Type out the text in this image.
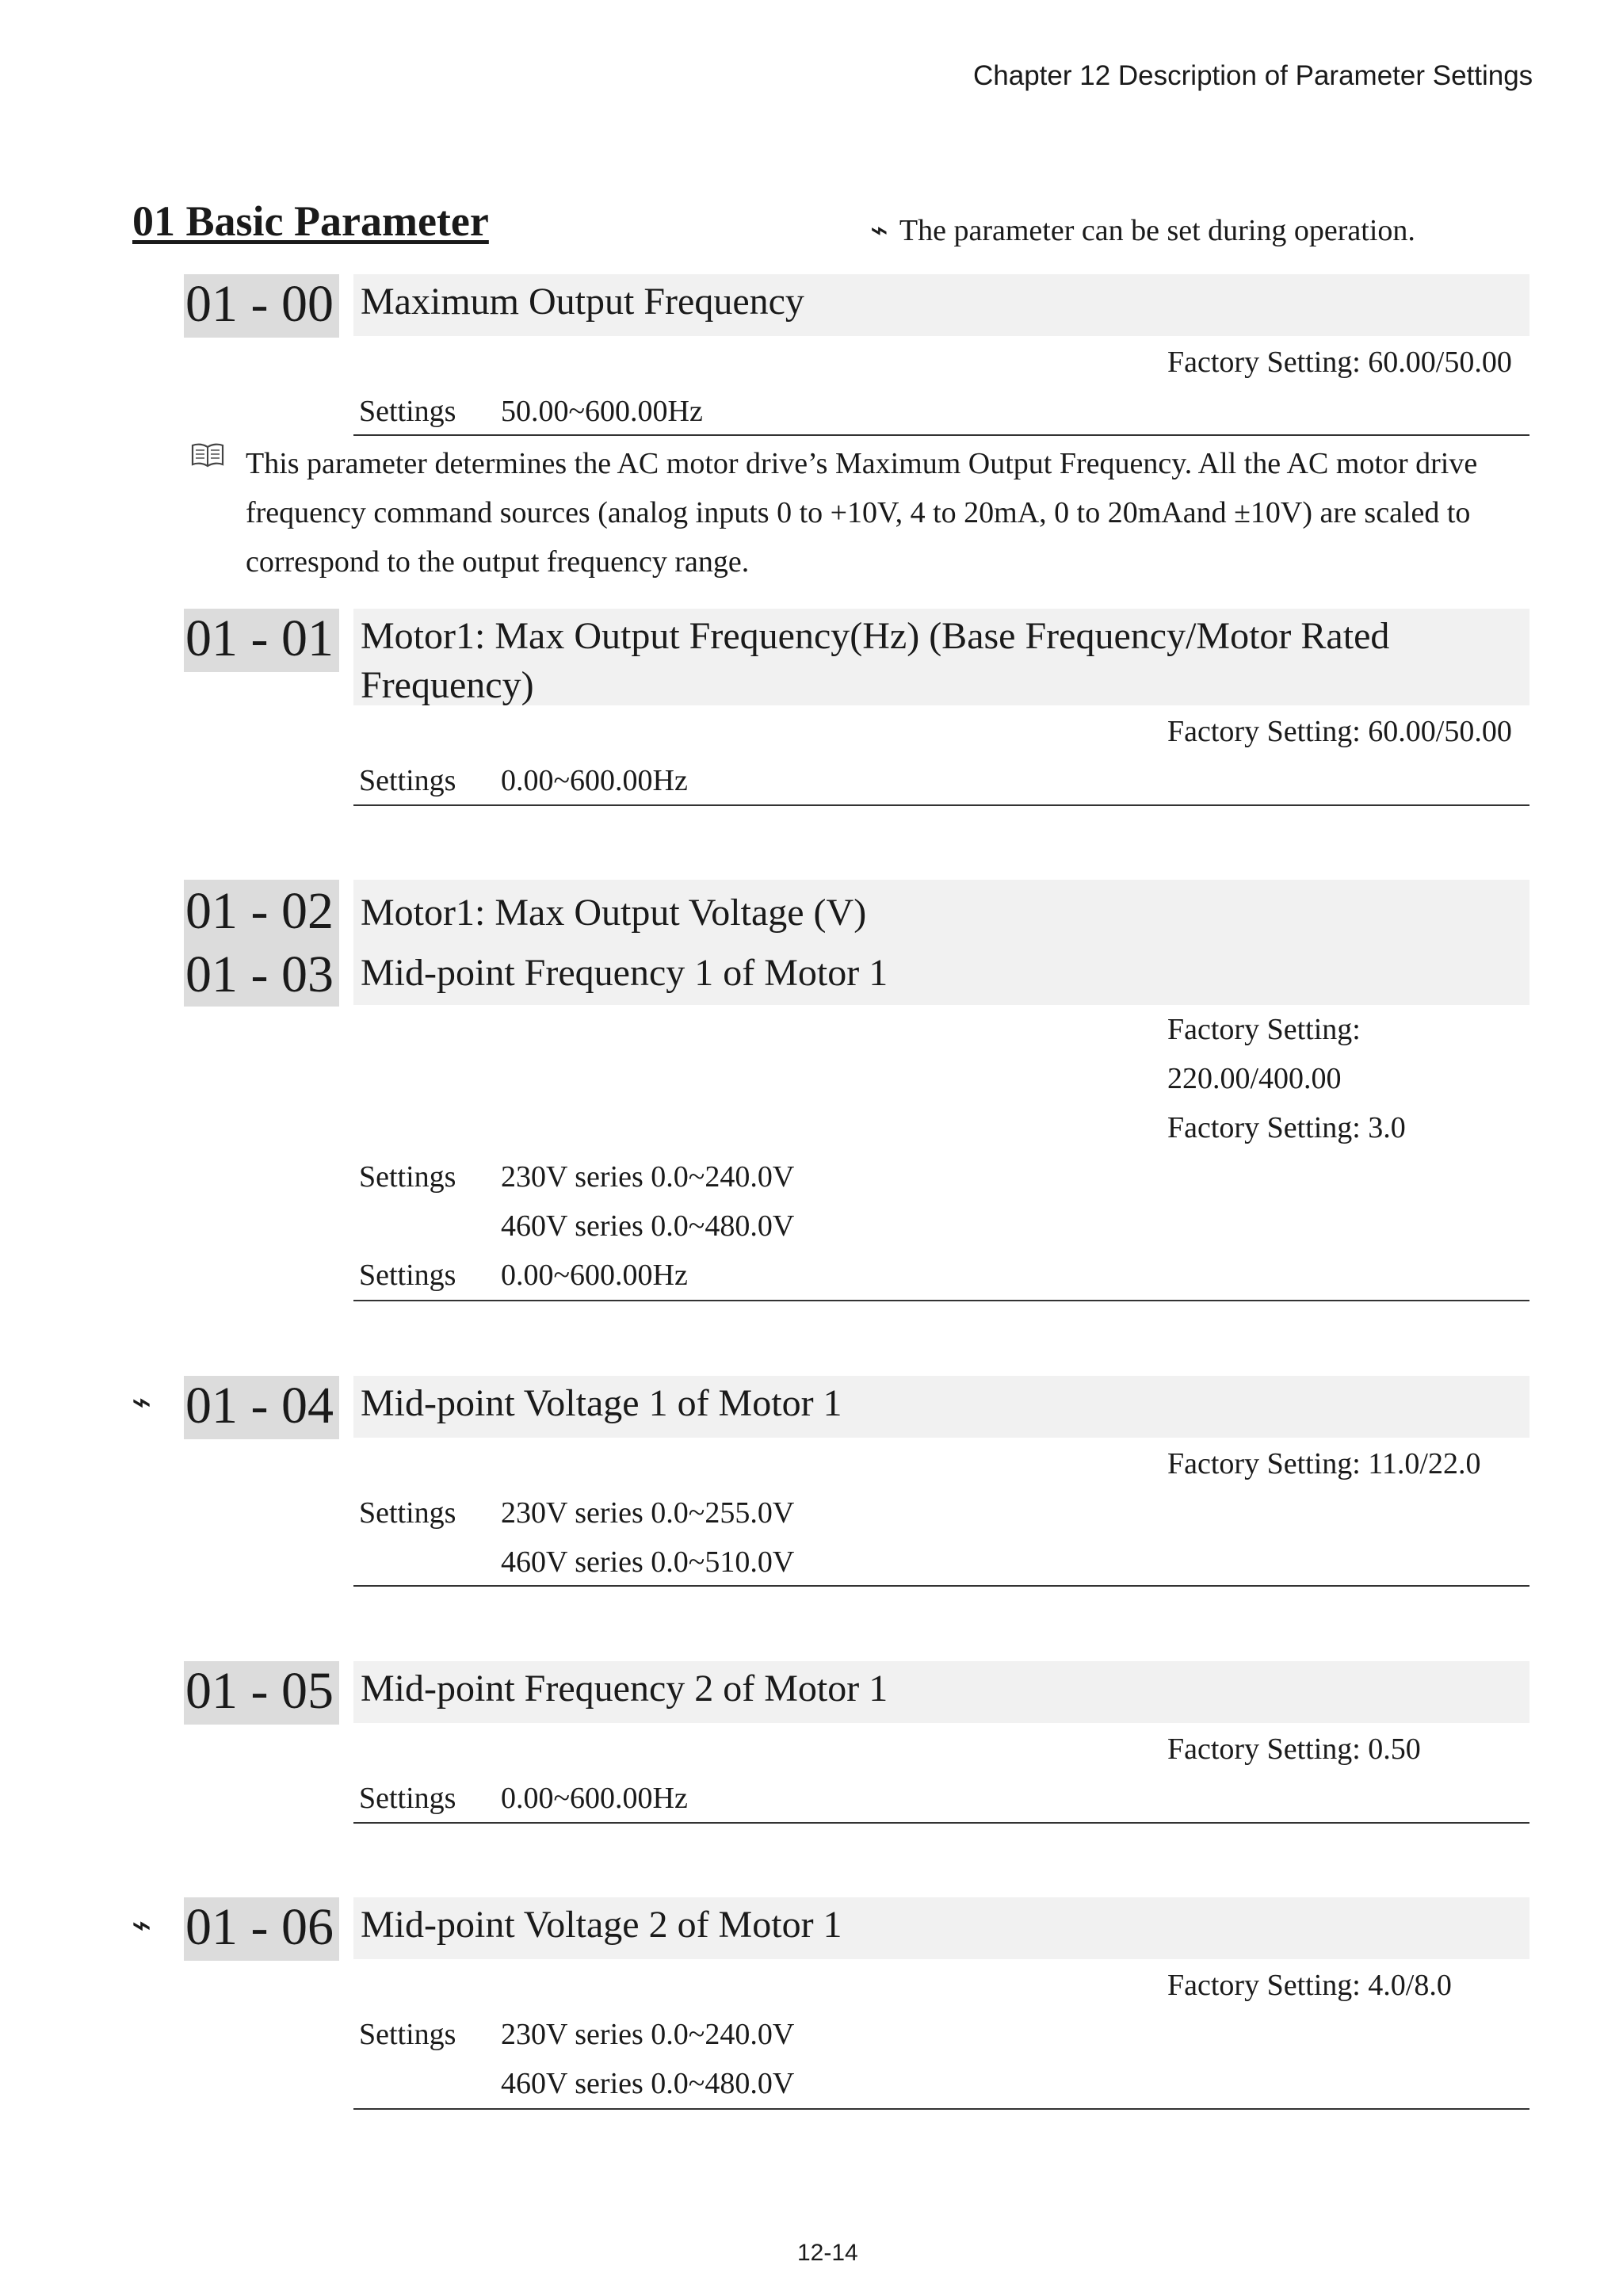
Chapter 12 Description of Parameter Settings
01 Basic Parameter	⌁ The parameter can be set during operation.
01 - 00 Maximum Output Frequency
Factory Setting: 60.00/50.00
Settings 50.00~600.00Hz
This parameter determines the AC motor drive’s Maximum Output Frequency. All the AC motor drive
frequency command sources (analog inputs 0 to +10V, 4 to 20mA, 0 to 20mAand ±10V) are scaled to
correspond to the output frequency range.
01 - 01 Motor1: Max Output Frequency(Hz) (Base Frequency/Motor Rated
Frequency)
Factory Setting: 60.00/50.00
Settings 0.00~600.00Hz
01 - 02
01 - 03
Motor1: Max Output Voltage (V)
Mid-point Frequency 1 of Motor 1
Factory Setting:
220.00/400.00
Factory Setting: 3.0
Settings 230V series 0.0~240.0V
460V series 0.0~480.0V
Settings 0.00~600.00Hz
⌁ 01 - 04 Mid-point Voltage 1 of Motor 1
Factory Setting: 11.0/22.0
Settings 230V series 0.0~255.0V
460V series 0.0~510.0V
01 - 05 Mid-point Frequency 2 of Motor 1
Factory Setting: 0.50
Settings 0.00~600.00Hz
⌁ 01 - 06 Mid-point Voltage 2 of Motor 1
Factory Setting: 4.0/8.0
Settings 230V series 0.0~240.0V
460V series 0.0~480.0V
12-14
